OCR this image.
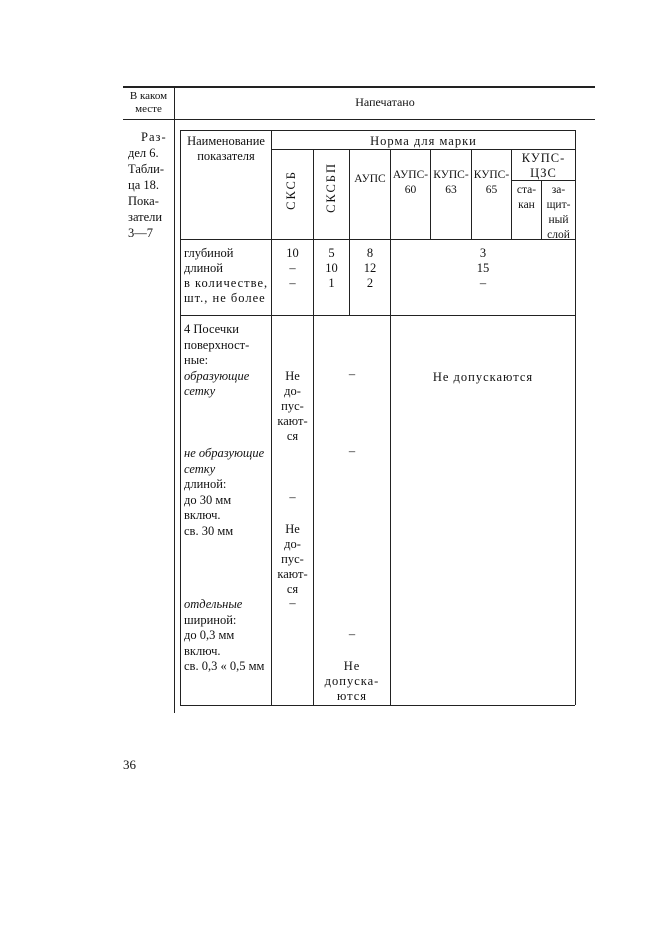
В каком
месте	Напечатано
Раз-
дел 6.
Табли-
ца 18.
Пока-
затели
3—7
Наименование
показателя
Норма для марки
СКСБ СКСБП	АУПС АУПС-
60
КУПС-
63
КУПС-
65
КУПС-
ЦЗС
ста-
кан
за-
щит-
ный
слой
глубиной
длиной
в количестве,
шт., не более
10
–
–
5
10
1
8
12
2
3
15
–
4 Посечки
поверхност-
ные:
образующие
сетку
не образующие
сетку
длиной:
до 30 мм
включ.
св. 30 мм
отдельные
шириной:
до 0,3 мм
включ.
св. 0,3 « 0,5 мм
Не
до-
пус-
кают-
ся
–
Не
до-
пус-
кают-
ся
–
–
–
–
Не
допуска-
ются
Не допускаются
36
